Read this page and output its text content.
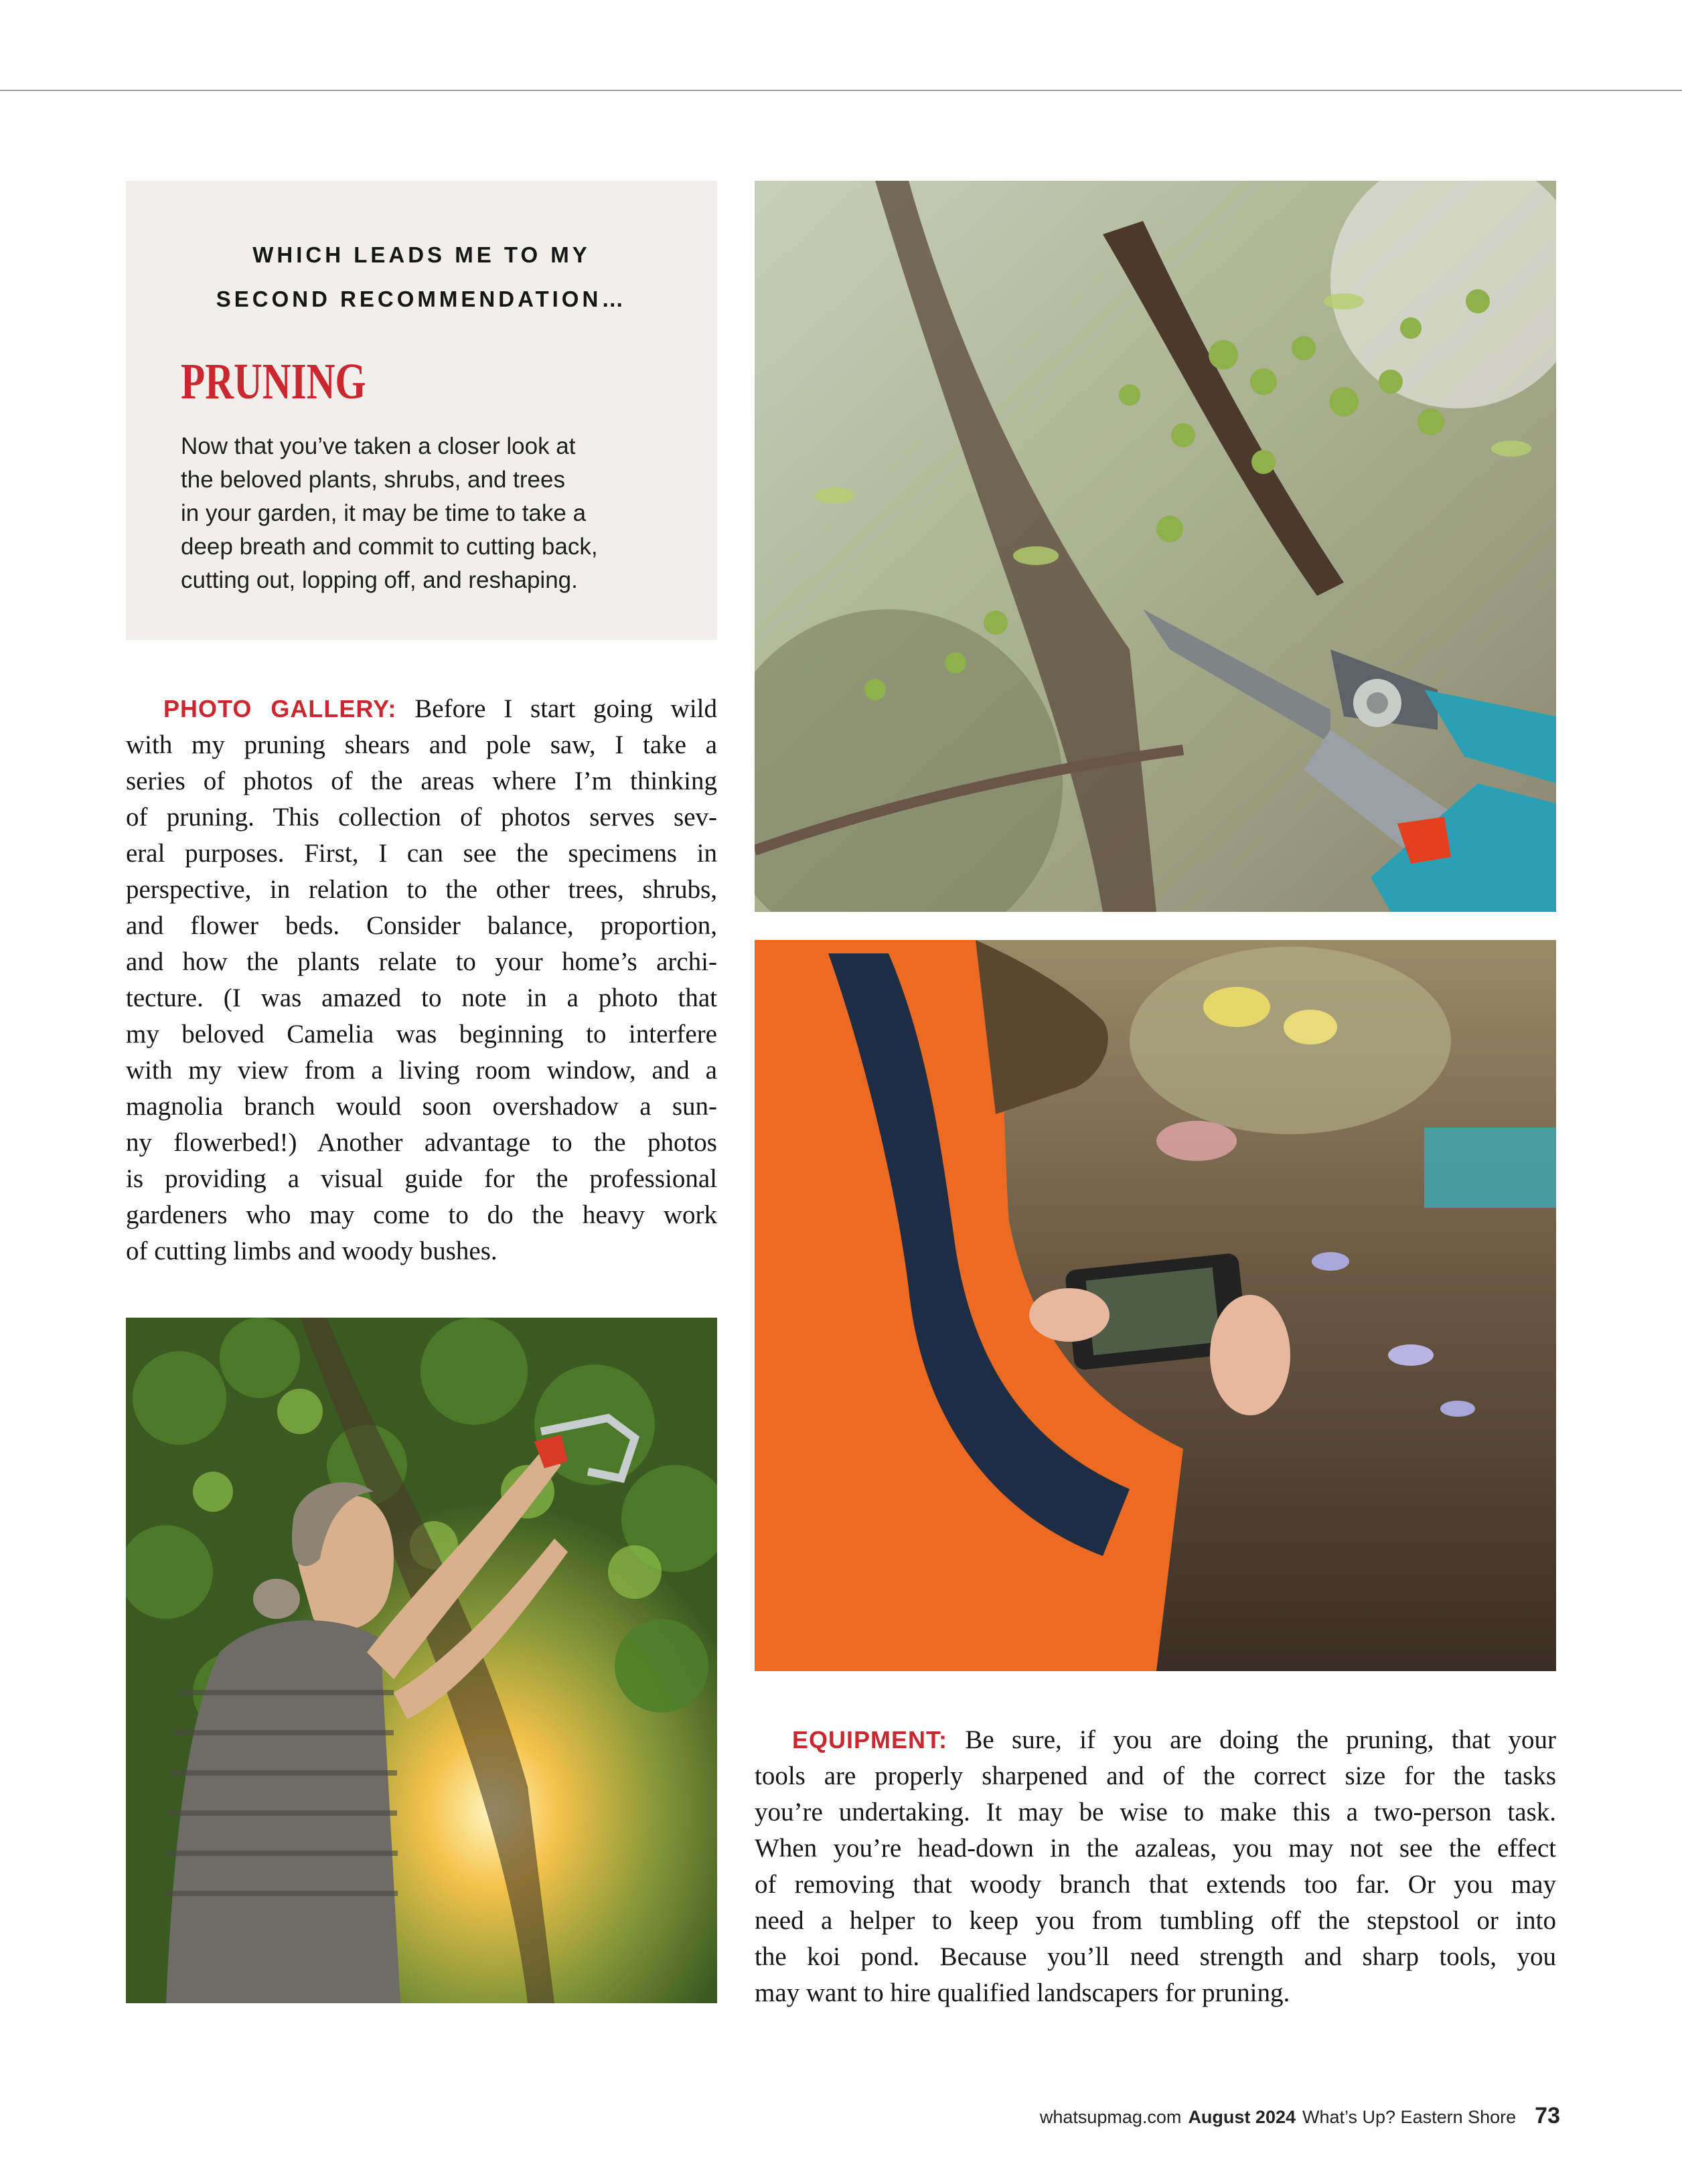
WHICH LEADS ME TO MY
SECOND RECOMMENDATION…
PRUNING

Now that you’ve taken a closer look at
the beloved plants, shrubs, and trees
in your garden, it may be time to take a
deep breath and commit to cutting back,
cutting out, lopping off, and reshaping.

PHOTO GALLERY: Before I start going wild
with my pruning shears and pole saw, I take a
series of photos of the areas where I’m thinking
of pruning. This collection of photos serves sev-
eral purposes. First, I can see the specimens in
perspective, in relation to the other trees, shrubs,
and flower beds. Consider balance, proportion,
and how the plants relate to your home’s archi-
tecture. (I was amazed to note in a photo that
my beloved Camelia was beginning to interfere
with my view from a living room window, and a
magnolia branch would soon overshadow a sun-
ny flowerbed!) Another advantage to the photos
is providing a visual guide for the professional
gardeners who may come to do the heavy work
of cutting limbs and woody bushes.
EQUIPMENT: Be sure, if you are doing the pruning, that your
tools are properly sharpened and of the correct size for the tasks
you’re undertaking. It may be wise to make this a two-person task.
When you’re head-down in the azaleas, you may not see the effect
of removing that woody branch that extends too far. Or you may
need a helper to keep you from tumbling off the stepstool or into
the koi pond. Because you’ll need strength and sharp tools, you
may want to hire qualified landscapers for pruning.
whatsupmag.com August 2024 What’s Up? Eastern Shore 73
